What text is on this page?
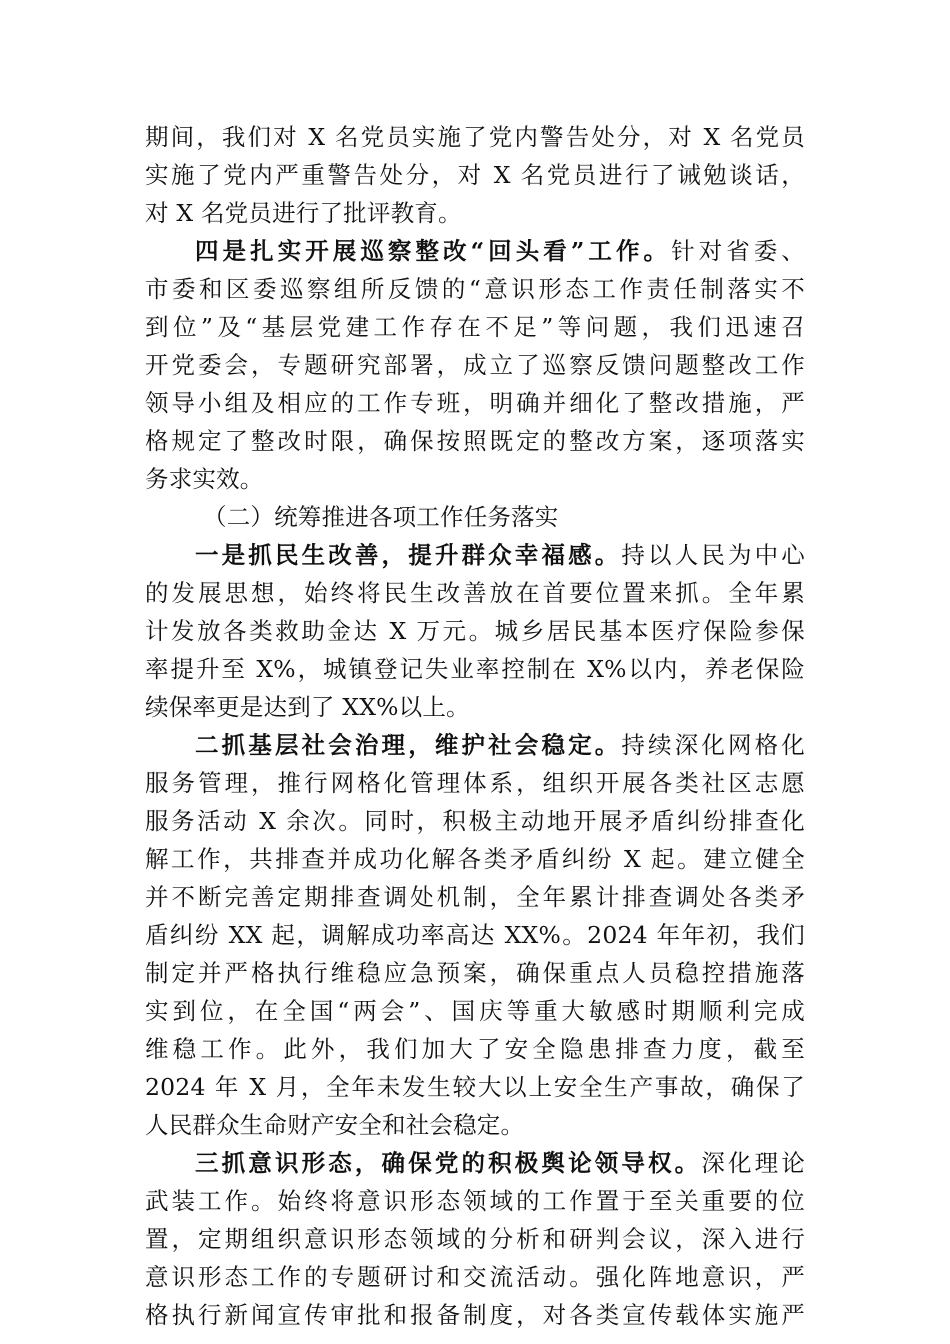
期间，我们对 X 名党员实施了党内警告处分，对 X 名党员
实施了党内严重警告处分，对 X 名党员进行了诫勉谈话，
对 X 名党员进行了批评教育。
四是扎实开展巡察整改“回头看”工作。针对省委、
市委和区委巡察组所反馈的“意识形态工作责任制落实不
到位”及“基层党建工作存在不足”等问题，我们迅速召
开党委会，专题研究部署，成立了巡察反馈问题整改工作
领导小组及相应的工作专班，明确并细化了整改措施，严
格规定了整改时限，确保按照既定的整改方案，逐项落实
务求实效。
（二）统筹推进各项工作任务落实
一是抓民生改善，提升群众幸福感。持以人民为中心
的发展思想，始终将民生改善放在首要位置来抓。全年累
计发放各类救助金达 X 万元。城乡居民基本医疗保险参保
率提升至 X%，城镇登记失业率控制在 X%以内，养老保险
续保率更是达到了 XX%以上。
二抓基层社会治理，维护社会稳定。持续深化网格化
服务管理，推行网格化管理体系，组织开展各类社区志愿
服务活动 X 余次。同时，积极主动地开展矛盾纠纷排查化
解工作，共排查并成功化解各类矛盾纠纷 X 起。建立健全
并不断完善定期排查调处机制，全年累计排查调处各类矛
盾纠纷 XX 起，调解成功率高达 XX%。2024 年年初，我们
制定并严格执行维稳应急预案，确保重点人员稳控措施落
实到位，在全国“两会”、国庆等重大敏感时期顺利完成
维稳工作。此外，我们加大了安全隐患排查力度，截至
2024 年 X 月，全年未发生较大以上安全生产事故，确保了
人民群众生命财产安全和社会稳定。
三抓意识形态，确保党的积极舆论领导权。深化理论
武装工作。始终将意识形态领域的工作置于至关重要的位
置，定期组织意识形态领域的分析和研判会议，深入进行
意识形态工作的专题研讨和交流活动。强化阵地意识，严
格执行新闻宣传审批和报备制度，对各类宣传载体实施严
